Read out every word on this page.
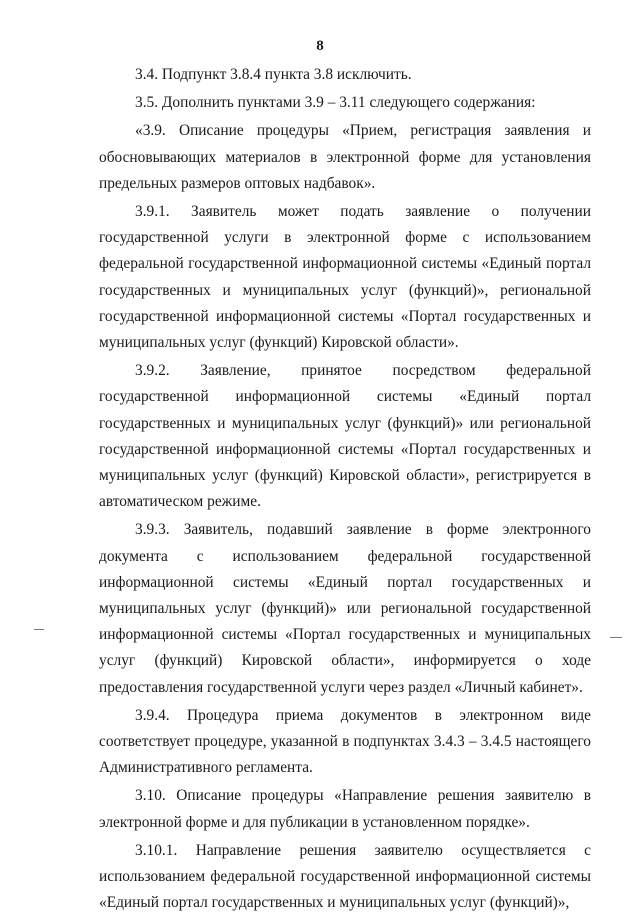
8

3.4. Подпункт 3.8.4 пункта 3.8 исключить.

3.5. Дополнить пунктами 3.9 – 3.11 следующего содержания:

«3.9. Описание процедуры «Прием, регистрация заявления и обосновывающих материалов в электронной форме для установления предельных размеров оптовых надбавок».

3.9.1. Заявитель может подать заявление о получении государственной услуги в электронной форме с использованием федеральной государственной информационной системы «Единый портал государственных и муниципальных услуг (функций)», региональной государственной информационной системы «Портал государственных и муниципальных услуг (функций) Кировской области».

3.9.2. Заявление, принятое посредством федеральной государственной информационной системы «Единый портал государственных и муниципальных услуг (функций)» или региональной государственной информационной системы «Портал государственных и муниципальных услуг (функций) Кировской области», регистрируется в автоматическом режиме.

3.9.3. Заявитель, подавший заявление в форме электронного документа с использованием федеральной государственной информационной системы «Единый портал государственных и муниципальных услуг (функций)» или региональной государственной информационной системы «Портал государственных и муниципальных услуг (функций) Кировской области», информируется о ходе предоставления государственной услуги через раздел «Личный кабинет».

3.9.4. Процедура приема документов в электронном виде соответствует процедуре, указанной в подпунктах 3.4.3 – 3.4.5 настоящего Административного регламента.

3.10. Описание процедуры «Направление решения заявителю в электронной форме и для публикации в установленном порядке».

3.10.1. Направление решения заявителю осуществляется с использованием федеральной государственной информационной системы «Единый портал государственных и муниципальных услуг (функций)»,
